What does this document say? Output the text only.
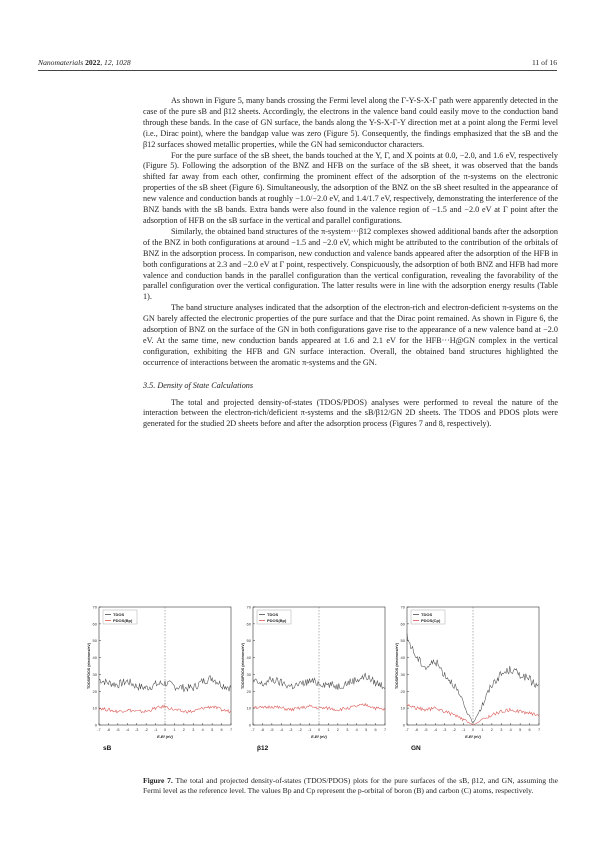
Nanomaterials 2022, 12, 1028	11 of 16

As shown in Figure 5, many bands crossing the Fermi level along the Γ-Y-S-X-Γ path were apparently detected in the case of the pure sB and β12 sheets. Accordingly, the electrons in the valence band could easily move to the conduction band through these bands. In the case of GN surface, the bands along the Y-S-X-Γ-Y direction met at a point along the Fermi level (i.e., Dirac point), where the bandgap value was zero (Figure 5). Consequently, the findings emphasized that the sB and the β12 surfaces showed metallic properties, while the GN had semiconductor characters.

For the pure surface of the sB sheet, the bands touched at the Y, Γ, and X points at 0.0, −2.0, and 1.6 eV, respectively (Figure 5). Following the adsorption of the BNZ and HFB on the surface of the sB sheet, it was observed that the bands shifted far away from each other, confirming the prominent effect of the adsorption of the π-systems on the electronic properties of the sB sheet (Figure 6). Simultaneously, the adsorption of the BNZ on the sB sheet resulted in the appearance of new valence and conduction bands at roughly −1.0/−2.0 eV, and 1.4/1.7 eV, respectively, demonstrating the interference of the BNZ bands with the sB bands. Extra bands were also found in the valence region of −1.5 and −2.0 eV at Γ point after the adsorption of HFB on the sB surface in the vertical and parallel configurations.

Similarly, the obtained band structures of the π-system···β12 complexes showed additional bands after the adsorption of the BNZ in both configurations at around −1.5 and −2.0 eV, which might be attributed to the contribution of the orbitals of BNZ in the adsorption process. In comparison, new conduction and valence bands appeared after the adsorption of the HFB in both configurations at 2.3 and −2.0 eV at Γ point, respectively. Conspicuously, the adsorption of both BNZ and HFB had more valence and conduction bands in the parallel configuration than the vertical configuration, revealing the favorability of the parallel configuration over the vertical configuration. The latter results were in line with the adsorption energy results (Table 1).

The band structure analyses indicated that the adsorption of the electron-rich and electron-deficient π-systems on the GN barely affected the electronic properties of the pure surface and that the Dirac point remained. As shown in Figure 6, the adsorption of BNZ on the surface of the GN in both configurations gave rise to the appearance of a new valence band at −2.0 eV. At the same time, new conduction bands appeared at 1.6 and 2.1 eV for the HFB···H@GN complex in the vertical configuration, exhibiting the HFB and GN surface interaction. Overall, the obtained band structures highlighted the occurrence of interactions between the aromatic π-systems and the GN.

3.5. Density of State Calculations

The total and projected density-of-states (TDOS/PDOS) analyses were performed to reveal the nature of the interaction between the electron-rich/deficient π-systems and the sB/β12/GN 2D sheets. The TDOS and PDOS plots were generated for the studied 2D sheets before and after the adsorption process (Figures 7 and 8, respectively).

0
10
20
30
40
50
60
70
-7 -6 -5 -4 -3 -2 -1 0 1 2 3 4 5 6 7
TDOS
PDOS(Bp)
TDOS/PDOS (electrons/eV)
E-Ef (eV)
sB
0
10
20
30
40
50
60
70
-7 -6 -5 -4 -3 -2 -1 0 1 2 3 4 5 6 7
TDOS
PDOS(Bp)
TDOS/PDOS (electrons/eV)
E-Ef (eV)
β12
0
10
20
30
40
50
60
70
-7 -6 -5 -4 -3 -2 -1 0 1 2 3 4 5 6 7
TDOS
PDOS(Cp)
TDOS/PDOS (electrons/eV)
E-Ef (eV)
GN
Figure 7. The total and projected density-of-states (TDOS/PDOS) plots for the pure surfaces of the sB, β12, and GN, assuming the Fermi level as the reference level. The values Bp and Cp represent the p-orbital of boron (B) and carbon (C) atoms, respectively.
